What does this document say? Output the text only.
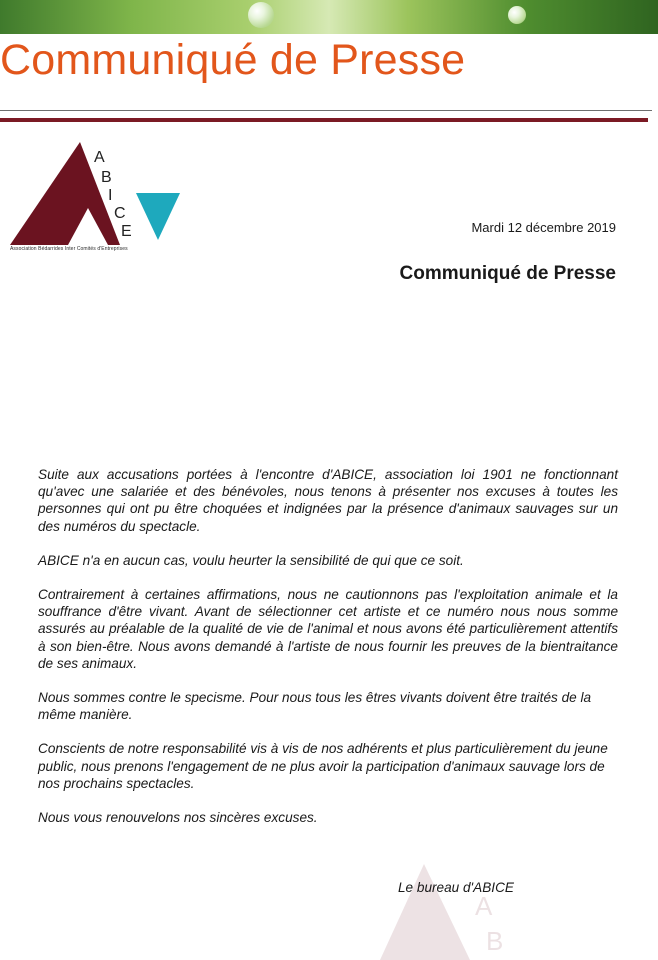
Communiqué de Presse
A
B
I
C
E
Association Bédarrides Inter Comités d'Entreprises
Mardi 12 décembre 2019
Communiqué de Presse

Suite aux accusations portées à l'encontre d'ABICE, association loi 1901 ne fonctionnant qu'avec une salariée et des bénévoles, nous tenons à présenter nos excuses à toutes les personnes qui ont pu être choquées et indignées par la présence d'animaux sauvages sur un des numéros du spectacle.

ABICE n'a en aucun cas, voulu heurter la sensibilité de qui que ce soit.

Contrairement à certaines affirmations, nous ne cautionnons pas l'exploitation animale et la souffrance d'être vivant. Avant de sélectionner cet artiste et ce numéro nous nous somme assurés au préalable de la qualité de vie de l'animal et nous avons été particulièrement attentifs à son bien-être. Nous avons demandé à l'artiste de nous fournir les preuves de la bientraitance de ses animaux.

Nous sommes contre le specisme. Pour nous tous les êtres vivants doivent être traités de la même manière.

Conscients de notre responsabilité vis à vis de nos adhérents et plus particulièrement du jeune public, nous prenons l'engagement de ne plus avoir la participation d'animaux sauvage lors de nos prochains spectacles.

Nous vous renouvelons nos sincères excuses.

A
B
Le bureau d'ABICE
